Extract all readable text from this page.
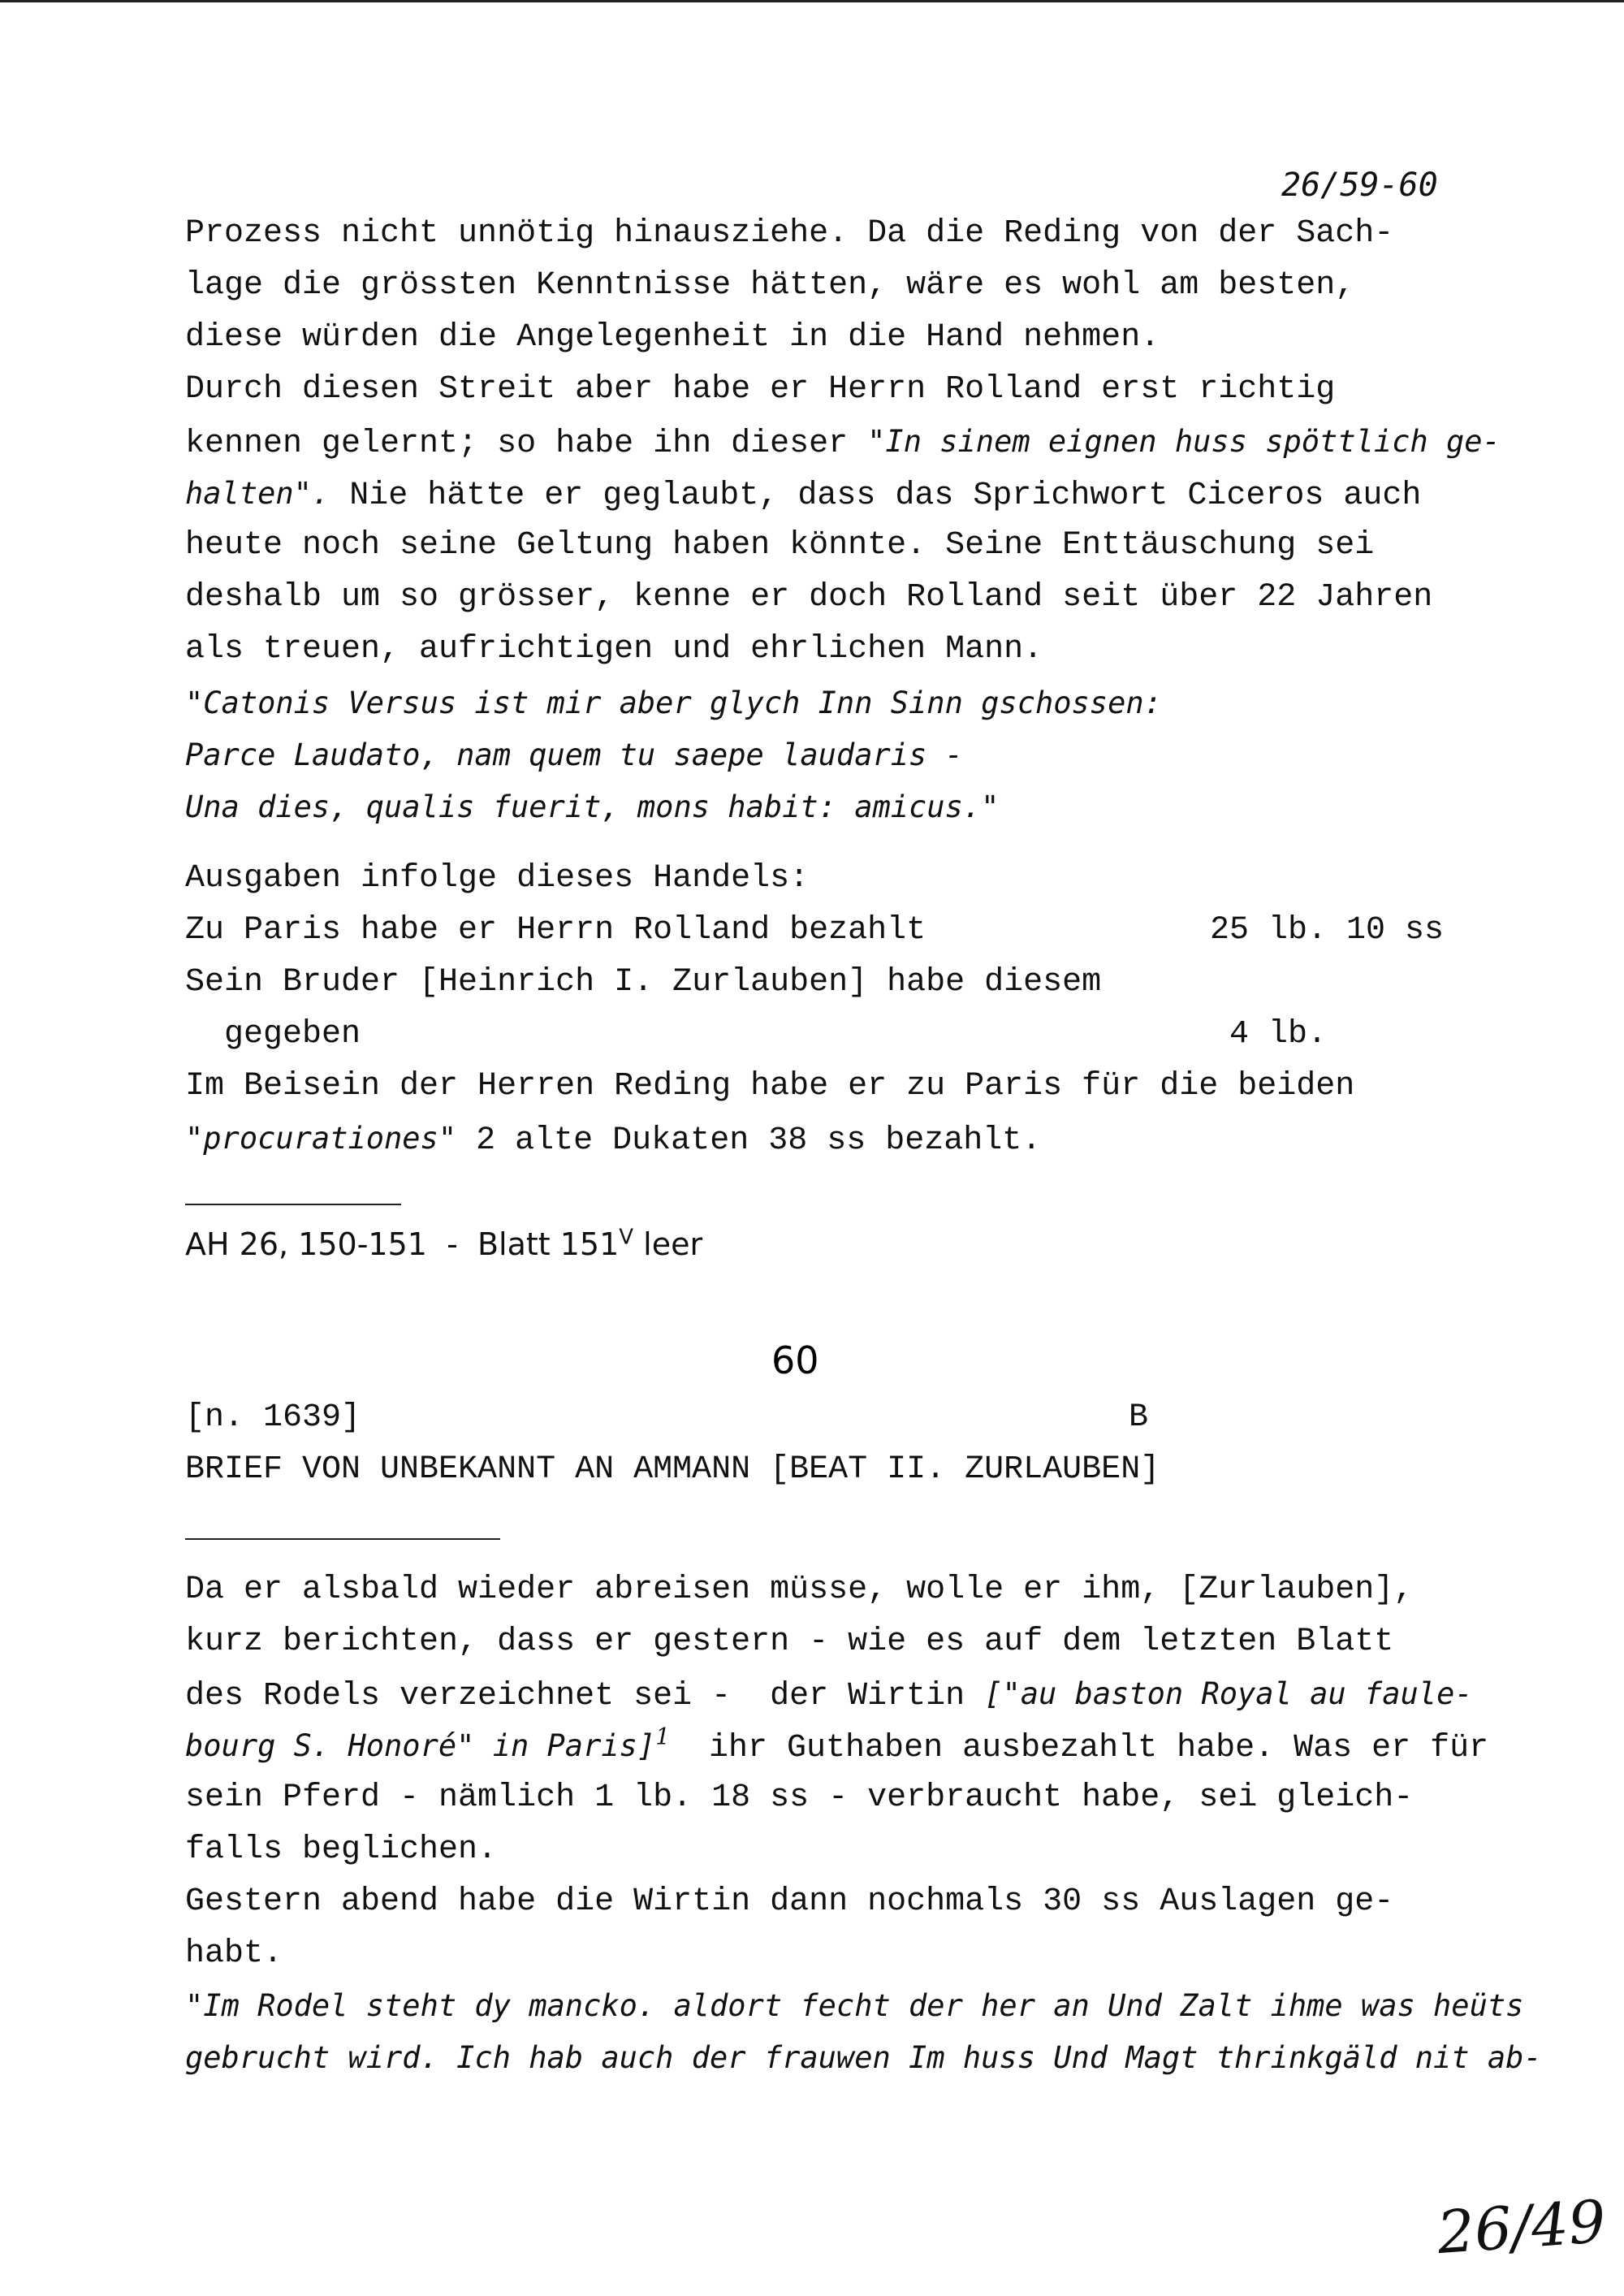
26/59-60
Prozess nicht unnötig hinausziehe. Da die Reding von der Sach-
lage die grössten Kenntnisse hätten, wäre es wohl am besten,
diese würden die Angelegenheit in die Hand nehmen.
Durch diesen Streit aber habe er Herrn Rolland erst richtig
kennen gelernt; so habe ihn dieser "In sinem eignen huss spöttlich ge-
halten". Nie hätte er geglaubt, dass das Sprichwort Ciceros auch
heute noch seine Geltung haben könnte. Seine Enttäuschung sei
deshalb um so grösser, kenne er doch Rolland seit über 22 Jahren
als treuen, aufrichtigen und ehrlichen Mann.
"Catonis Versus ist mir aber glych Inn Sinn gschossen:
Parce Laudato, nam quem tu saepe laudaris -
Una dies, qualis fuerit, mons habit: amicus."
Ausgaben infolge dieses Handels:
Zu Paris habe er Herrn Rolland bezahlt	25 lb. 10 ss
Sein Bruder [Heinrich I. Zurlauben] habe diesem
gegeben	4 lb.
Im Beisein der Herren Reding habe er zu Paris für die beiden
"procurationes" 2 alte Dukaten 38 ss bezahlt.
AH 26, 150-151  -  Blatt $151^V$ leer
60
[n. 1639]	B
BRIEF VON UNBEKANNT AN AMMANN [BEAT II. ZURLAUBEN]
Da er alsbald wieder abreisen müsse, wolle er ihm, [Zurlauben],
kurz berichten, dass er gestern - wie es auf dem letzten Blatt
des Rodels verzeichnet sei -  der Wirtin ["au baston Royal au faule-
bourg S. Honoré" in Paris]$^1$  ihr Guthaben ausbezahlt habe. Was er für
sein Pferd - nämlich 1 lb. 18 ss - verbraucht habe, sei gleich-
falls beglichen.
Gestern abend habe die Wirtin dann nochmals 30 ss Auslagen ge-
habt.
"Im Rodel steht dy mancko. aldort fecht der her an Und Zalt ihme was heüts
gebrucht wird. Ich hab auch der frauwen Im huss Und Magt thrinkgäld nit ab-
26/49
